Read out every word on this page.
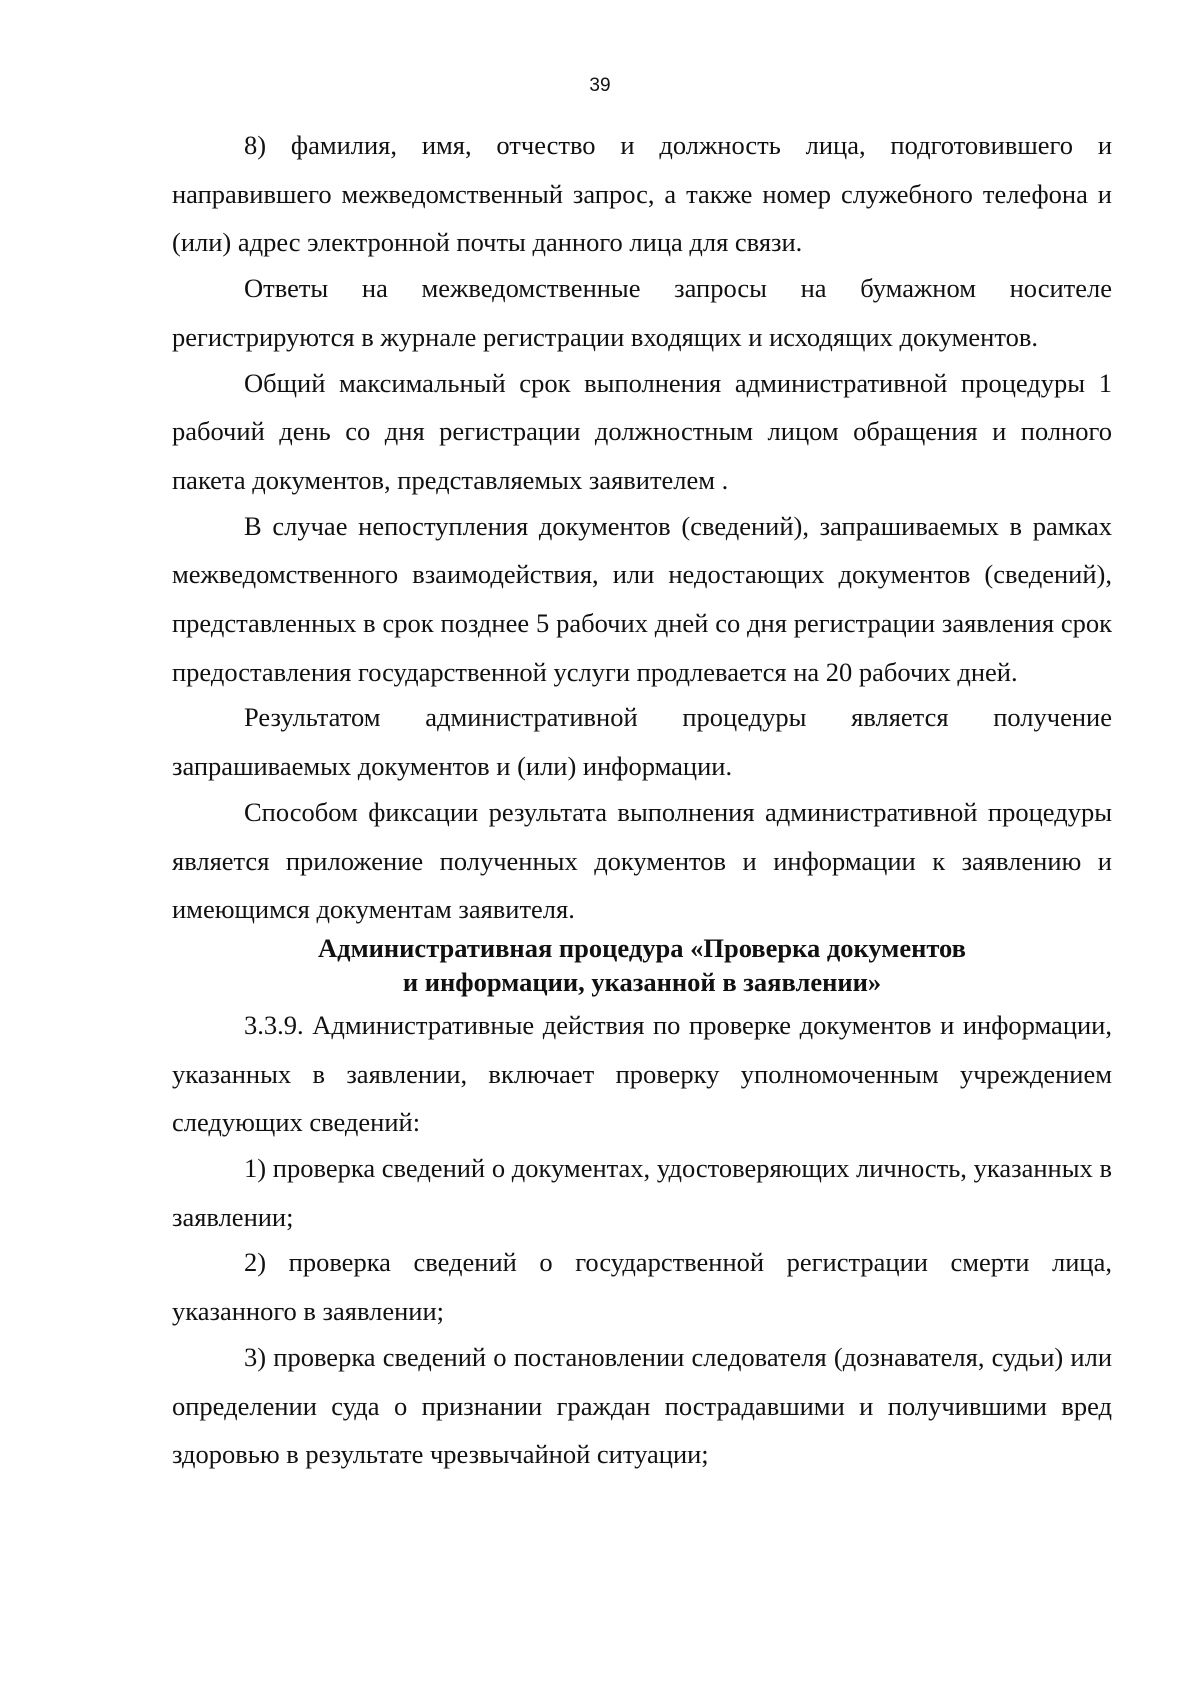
39

8) фамилия, имя, отчество и должность лица, подготовившего и направившего межведомственный запрос, а также номер служебного телефона и (или) адрес электронной почты данного лица для связи.

Ответы на межведомственные запросы на бумажном носителе регистрируются в журнале регистрации входящих и исходящих документов.

Общий максимальный срок выполнения административной процедуры 1 рабочий день со дня регистрации должностным лицом обращения и полного пакета документов, представляемых заявителем .

В случае непоступления документов (сведений), запрашиваемых в рамках межведомственного взаимодействия, или недостающих документов (сведений), представленных в срок позднее 5 рабочих дней со дня регистрации заявления срок предоставления государственной услуги продлевается на 20 рабочих дней.

Результатом административной процедуры является получение запрашиваемых документов и (или) информации.

Способом фиксации результата выполнения административной процедуры является приложение полученных документов и информации к заявлению и имеющимся документам заявителя.

Административная процедура «Проверка документов
и информации, указанной в заявлении»

3.3.9. Административные действия по проверке документов и информации, указанных в заявлении, включает проверку уполномоченным учреждением следующих сведений:

1) проверка сведений о документах, удостоверяющих личность, указанных в заявлении;

2) проверка сведений о государственной регистрации смерти лица, указанного в заявлении;

3) проверка сведений о постановлении следователя (дознавателя, судьи) или определении суда о признании граждан пострадавшими и получившими вред здоровью в результате чрезвычайной ситуации;
